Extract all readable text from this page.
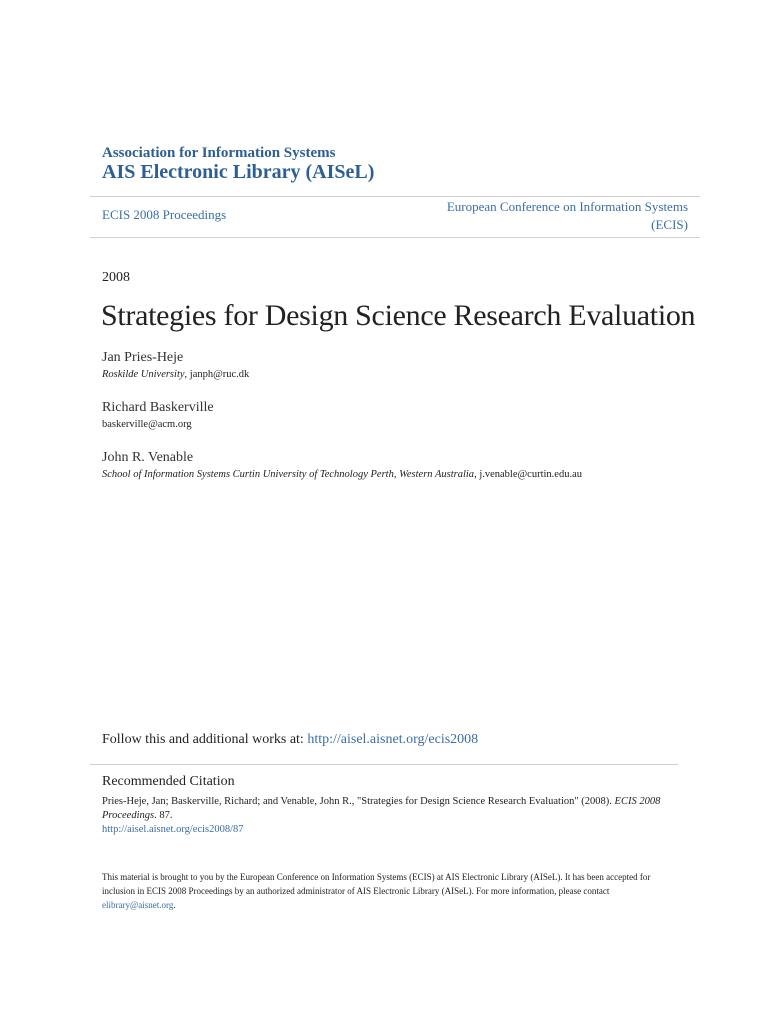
Association for Information Systems
AIS Electronic Library (AISeL)
ECIS 2008 Proceedings
European Conference on Information Systems
(ECIS)
2008
Strategies for Design Science Research Evaluation
Jan Pries-Heje
Roskilde University, janph@ruc.dk
Richard Baskerville
baskerville@acm.org
John R. Venable
School of Information Systems Curtin University of Technology Perth, Western Australia, j.venable@curtin.edu.au
Follow this and additional works at: http://aisel.aisnet.org/ecis2008
Recommended Citation
Pries-Heje, Jan; Baskerville, Richard; and Venable, John R., "Strategies for Design Science Research Evaluation" (2008). ECIS 2008 Proceedings. 87.
http://aisel.aisnet.org/ecis2008/87
This material is brought to you by the European Conference on Information Systems (ECIS) at AIS Electronic Library (AISeL). It has been accepted for inclusion in ECIS 2008 Proceedings by an authorized administrator of AIS Electronic Library (AISeL). For more information, please contact elibrary@aisnet.org.
